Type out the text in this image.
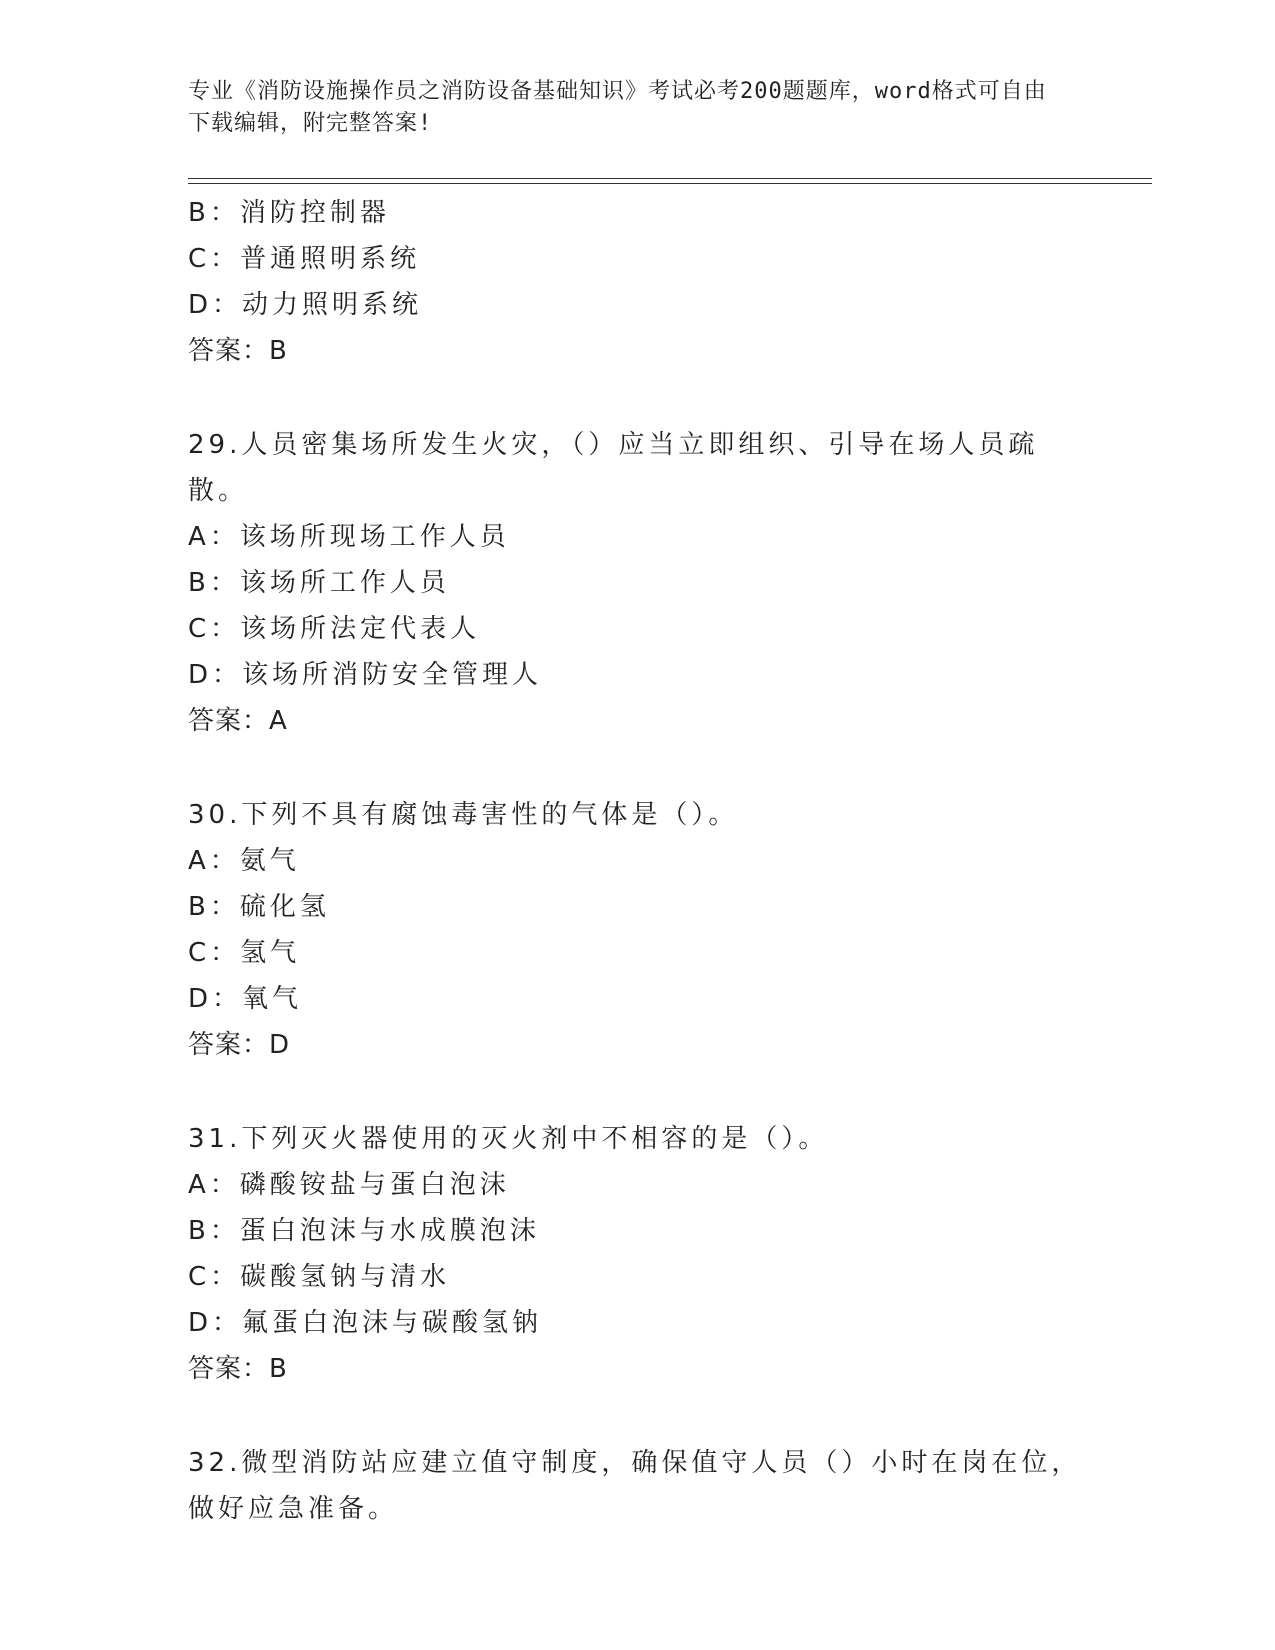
专业《消防设施操作员之消防设备基础知识》考试必考200题题库，word格式可自由下载编辑，附完整答案!
B：消防控制器
C：普通照明系统
D：动力照明系统
答案：B
29.人员密集场所发生火灾，（）应当立即组织、引导在场人员疏散。
A：该场所现场工作人员
B：该场所工作人员
C：该场所法定代表人
D：该场所消防安全管理人
答案：A
30.下列不具有腐蚀毒害性的气体是（）。
A：氨气
B：硫化氢
C：氢气
D：氧气
答案：D
31.下列灭火器使用的灭火剂中不相容的是（）。
A：磷酸铵盐与蛋白泡沫
B：蛋白泡沫与水成膜泡沫
C：碳酸氢钠与清水
D：氟蛋白泡沫与碳酸氢钠
答案：B
32.微型消防站应建立值守制度，确保值守人员（）小时在岗在位，做好应急准备。
